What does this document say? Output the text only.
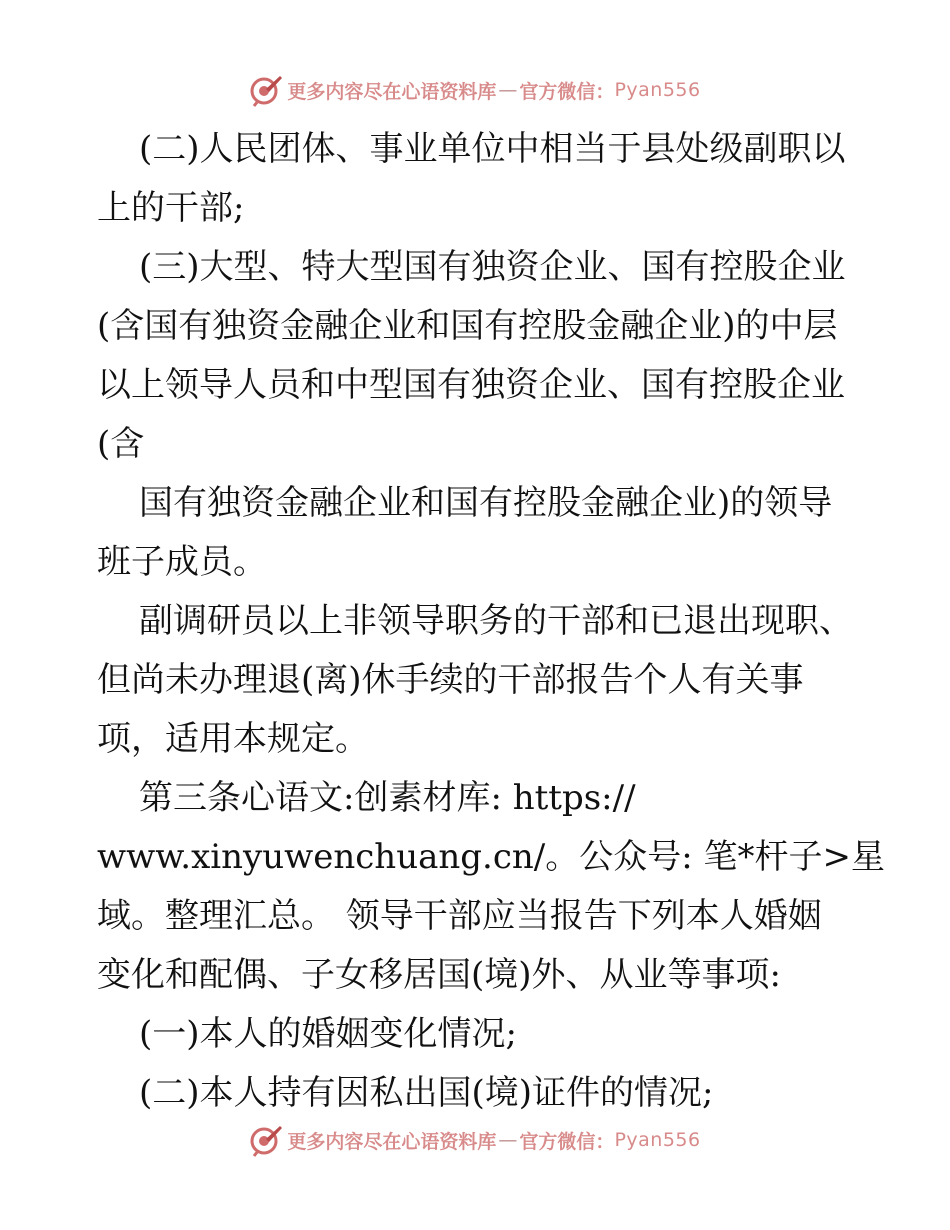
更多内容尽在心语资料库 — 官方微信： Pyan556
(二)人民团体、事业单位中相当于县处级副职以
上的干部;
(三)大型、特大型国有独资企业、国有控股企业
(含国有独资金融企业和国有控股金融企业)的中层
以上领导人员和中型国有独资企业、国有控股企业
(含
国有独资金融企业和国有控股金融企业)的领导
班子成员。
副调研员以上非领导职务的干部和已退出现职、
但尚未办理退(离)休手续的干部报告个人有关事
项，适用本规定。
第三条心语文:创素材库: https://
www.xinyuwenchuang.cn/。公众号: 笔*杆子>星
域。整理汇总。 领导干部应当报告下列本人婚姻
变化和配偶、子女移居国(境)外、从业等事项:
(一)本人的婚姻变化情况;
(二)本人持有因私出国(境)证件的情况;
更多内容尽在心语资料库 — 官方微信： Pyan556
